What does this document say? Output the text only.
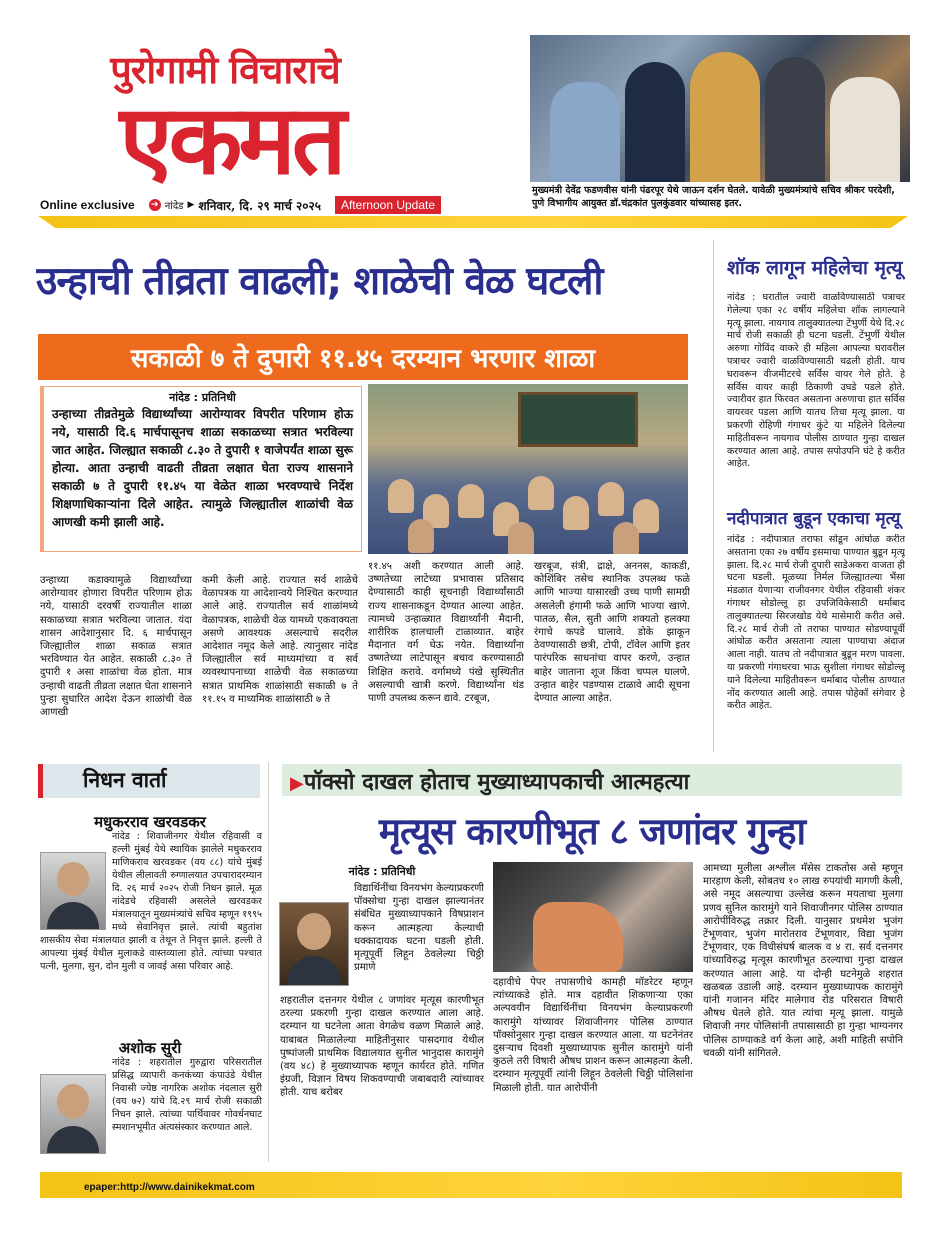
पुरोगामी विचाराचे
एकमत	मुख्यमंत्री देवेंद्र फडणवीस यांनी पंढरपूर येथे जाऊन दर्शन घेतले. यावेळी मुख्यमंत्र्यांचे सचिव श्रीकर परदेशी, पुणे विभागीय आयुक्त डॉ.चंद्रकांत पुलकुंडवार यांच्यासह इतर.
Online exclusive ➔ नांदेड ▶ शनिवार, दि. २९ मार्च २०२५	Afternoon Update
उन्हाची तीव्रता वाढली; शाळेची वेळ घटली
सकाळी ७ ते दुपारी ११.४५ दरम्यान भरणार शाळा
नांदेड : प्रतिनिधी
उन्हाच्या तीव्रतेमुळे विद्यार्थ्यांच्या आरोग्यावर विपरीत परिणाम होऊ नये, यासाठी दि.६ मार्चपासूनच शाळा सकाळच्या सत्रात भरविल्या जात आहेत. जिल्ह्यात सकाळी ८.३० ते दुपारी १ वाजेपर्यंत शाळा सुरू होत्या. आता उन्हाची वाढती तीव्रता लक्षात घेता राज्य शासनाने सकाळी ७ ते दुपारी ११.४५ या वेळेत शाळा भरवण्याचे निर्देश शिक्षणाधिकाऱ्यांना दिले आहेत. त्यामुळे जिल्ह्यातील शाळांची वेळ आणखी कमी झाली आहे.
उन्हाच्या कडाक्यामुळे विद्यार्थ्यांच्या आरोग्यावर होणारा विपरीत परिणाम होऊ नये, यासाठी दरवर्षी राज्यातील शाळा सकाळच्या सत्रात भरविल्या जातात. यंदा शासन आदेशानुसार दि. ६ मार्चपासून जिल्ह्यातील शाळा सकाळ सत्रात भरविण्यात येत आहेत. सकाळी ८.३० ते दुपारी १ असा शाळांचा वेळ होता. मात्र उन्हाची वाढती तीव्रता लक्षात घेता शासनाने पुन्हा सुधारित आदेश देऊन शाळांची वेळ आणखी
कमी केली आहे. राज्यात सर्व शाळेचे वेळापत्रक या आदेशान्वये निश्चित करण्यात आले आहे. राज्यातील सर्व शाळांमध्ये वेळापत्रक, शाळेची वेळ यामध्ये एकवाक्यता असणे आवश्यक असल्याचे सदरील आदेशात नमूद केले आहे. त्यानुसार नांदेड जिल्ह्यातील सर्व माध्यमांच्या व सर्व व्यवस्थापनाच्या शाळेची वेळ सकाळच्या सत्रात प्राथमिक शाळांसाठी सकाळी ७ ते ११.१५ व माध्यमिक शाळांसाठी ७ ते
११.४५ अशी करण्यात आली आहे. उष्णतेच्या लाटेच्या प्रभावास प्रतिसाद देण्यासाठी काही सूचनाही विद्यार्थ्यांसाठी राज्य शासनाकडून देण्यात आल्या आहेत. त्यामध्ये उन्हाळ्यात विद्यार्थ्यांनी मैदानी, शारीरिक हालचाली टाळाव्यात. बाहेर मैदानात वर्ग घेऊ नयेत. विद्यार्थ्यांना उष्णतेच्या लाटेपासून बचाव करण्यासाठी शिक्षित करावे. वर्गामध्ये पंखे सुस्थितीत असल्याची खात्री करणे. विद्यार्थ्यांना थंड पाणी उपलब्ध करून द्यावे. टरबूज,
खरबूज, संत्री, द्राक्षे, अननस, काकडी, कोशिंबिर तसेच स्थानिक उपलब्ध फळे आणि भाज्या यासारखी उच्च पाणी सामग्री असलेली हंगामी फळे आणि भाज्या खाणे. पातळ, सैल, सुती आणि शक्यतो हलक्या रंगाचे कपडे घालावे. डोके झाकून ठेवण्यासाठी छत्री, टोपी, टॉवेल आणि इतर पारंपरिक साधनांचा वापर करणे, उन्हात बाहेर जाताना शूज किंवा चप्पल घालणे. उन्हात बाहेर पडण्यास टाळावे आदी सूचना देण्यात आल्या आहेत.
शॉक लागून महिलेचा मृत्यू
नांदेड : घरातील ज्वारी वाळविण्यासाठी पत्राचर गेलेल्या एका २८ वर्षीय महिलेचा शॉक लागल्याने मृत्यू झाला. नायगाव तालुक्यातल्या टेंभुर्णी येथे दि.२८ मार्च रोजी सकाळी ही घटना घडली. टेंभुर्णी येथील अरुणा गोविंद वाकरे ही महिला आपल्या घरावरील पत्राचर ज्वारी वाळविण्यासाठी चढली होती. याच घरावरून वीजमीटरचे सर्विस वायर गेले होते. हे सर्विस वायर काही ठिकाणी उघडे पडले होते. ज्वारीवर हात फिरवत असताना अरुणाचा हात सर्विस वायरवर पडला आणि यातच तिचा मृत्यू झाला. या प्रकरणी रोहिणी गंगाधर कुंटे या महिलेने दिलेल्या माहितीवरून नायगाव पोलीस ठाण्यात गुन्हा दाखल करण्यात आला आहे. तपास सपोउपनि घंटे हे करीत आहेत.
नदीपात्रात बुडून एकाचा मृत्यू
नांदेड : नदीपात्रात तराफा सोडून आंघोळ करीत असताना एका २७ वर्षीय इसमाचा पाण्यात बुडून मृत्यू झाला. दि.२८ मार्च रोजी दुपारी साडेअकरा वाजता ही घटना घडली. मूळच्या निर्मल जिल्ह्यातल्या भैंसा मंडळात येणाऱ्या राजीवनगर येथील रहिवासी शंकर गंगाधर सोडोल्लू हा उपजिविकेसाठी धर्माबाद तालुक्यातल्या सिरजखोड येथे मासेमारी करीत असे. दि.२८ मार्च रोजी तो तराफा पाण्यात सोडण्यापूर्वी आंघोळ करीत असताना त्याला पाण्याचा अंदाज आला नाही. यातच तो नदीपात्रात बुडून मरण पावला. या प्रकरणी गंगाधरचा भाऊ सुशीला गंगाधर सोडोल्लू याने दिलेल्या माहितीवरून धर्माबाद पोलीस ठाण्यात नोंद करण्यात आली आहे. तपास पोहेकॉ संगेवार हे करीत आहेत.
निधन वार्ता
मधुकरराव खरवडकर
नांदेड : शिवाजीनगर येथील रहिवासी व हल्ली मुंबई येथे स्थायिक झालेले मधुकरराव माणिकराव खरवडकर (वय ८८) यांचे मुंबई येथील लीलावती रुग्णालयात उपचारादरम्यान दि. २६ मार्च २०२५ रोजी निधन झाले. मूळ नांदेडचे रहिवासी असलेले खरवडकर मंत्रालयातून मुख्यमंत्र्यांचे सचिव म्हणून १९९५ मध्ये सेवानिवृत्त झाले. त्यांची बहुतांश शासकीय सेवा मंत्रालयात झाली व तेथून ते निवृत्त झाले. हल्ली ते आपल्या मुंबई येथील मुलाकडे वास्तव्याला होते. त्यांच्या पश्चात पत्नी, मुलगा, सुन, दोन मुली व जावई असा परिवार आहे.
अशोक सुरी
नांदेड : शहरातील गुरुद्वारा परिसरातील प्रसिद्ध व्यापारी कनकंच्या कंपाउंडे येथील निवासी ज्येष्ठ नागरिक अशोक नंदलाल सुरी (वय ७२) यांचे दि.२९ मार्च रोजी सकाळी निधन झाले. त्यांच्या पार्थिवावर गोवर्धनघाट स्मशानभूमीत अंत्यसंस्कार करण्यात आले.
▶पॉक्सो दाखल होताच मुख्याध्यापकाची आत्महत्या
मृत्यूस कारणीभूत ८ जणांवर गुन्हा
नांदेड : प्रतिनिधी
विद्यार्थिनींचा विनयभंग केल्याप्रकरणी पॉक्सोचा गुन्हा दाखल झाल्यानंतर संबंधित मुख्याध्यापकाने विषप्राशन करून आत्महत्या केल्याची धक्कादायक घटना घडली होती. मृत्यूपूर्वी लिहून ठेवलेल्या चिठ्ठी प्रमाणे
शहरातील दत्तनगर येथील ८ जणांवर मृत्यूस कारणीभूत ठरल्या प्रकरणी गुन्हा दाखल करण्यात आला आहे. दरम्यान या घटनेला आता वेगळेच वळण मिळाले आहे. याबाबत मिळालेल्या माहितीनुसार पासदगाव येथील पुष्पांजली प्राथमिक विद्यालयात सुनील भानुदास कारामुंगे (वय ४८) हे मुख्याध्यापक म्हणून कार्यरत होते. गणित इंग्रजी, विज्ञान विषय शिकवण्याची जबाबदारी त्यांच्यावर होती. याच बरोबर
दहावीचे पेपर तपासणीचे कामही मॉडरेटर म्हणून त्यांच्याकडे होते. मात्र दहावीत शिकणाऱ्या एका अल्पवयीन विद्यार्थिनींचा विनयभंग केल्याप्रकरणी कारामुंगे यांच्यावर शिवाजीनगर पोलिस ठाण्यात पॉक्सोनुसार गुन्हा दाखल करण्यात आला. या घटनेनंतर दुसऱ्याच दिवशी मुख्याध्यापक सुनील कारामुंगे यांनी कुठले तरी विषारी औषध प्राशन करून आत्महत्या केली. दरम्यान मृत्यूपूर्वी त्यांनी लिहून ठेवलेली चिठ्ठी पोलिसांना मिळाली होती. यात आरोपींनी
आमच्या मुलीला अश्लील मॅसेस टाकतोस असे म्हणून मारहाण केली, सोबतच १० लाख रुपयांची मागणी केली, असे नमूद असल्याचा उल्लेख करून मयताचा मुलगा प्रणव सुनिल कारामुंगे याने शिवाजीनगर पोलिस ठाण्यात आरोपींविरुद्ध तक्रार दिली. यानुसार प्रथमेश भुजंग टेंभूणवार, भुजंग मारोतराव टेंभूणवार, विद्या भुजंग टेंभूणवार, एक विधीसंघर्ष बालक व ४ रा. सर्व दत्तनगर यांच्याविरुद्ध मृत्यूस कारणीभूत ठरल्याचा गुन्हा दाखल करण्यात आला आहे. या दोन्ही घटनेमुळे शहरात खळबळ उडाली आहे. दरम्यान मुख्याध्यापक कारामुंगे यांनी गजानन मंदिर मालेगाव रोड परिसरात विषारी औषध घेतले होते. यात त्यांचा मृत्यू झाला. यामुळे शिवाजी नगर पोलिसांनी तपासासाठी हा गुन्हा भाग्यनगर पोलिस ठाण्याकडे वर्ग केला आहे, अशी माहिती सपोनि चवळी यांनी सांगितले.
epaper:http://www.dainikekmat.com
